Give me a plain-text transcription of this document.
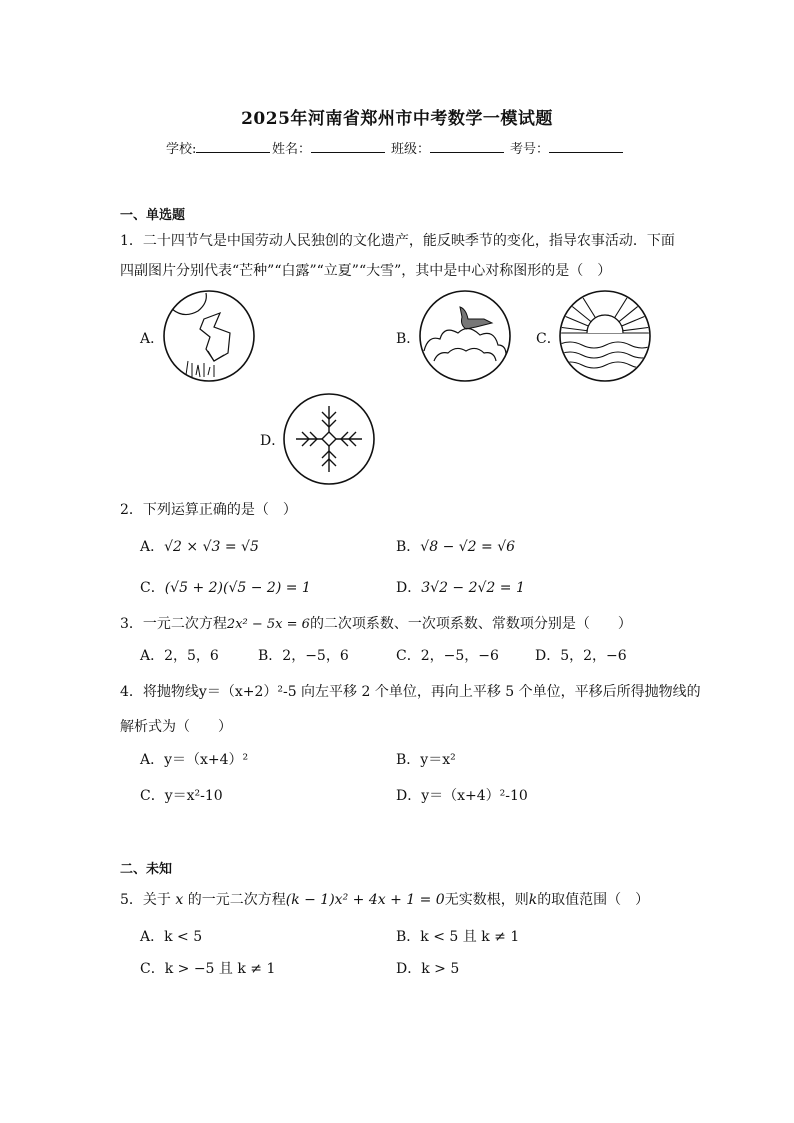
2025年河南省郑州市中考数学一模试题
学校:	姓名：	班级：	考号：
一、单选题
1．二十四节气是中国劳动人民独创的文化遗产，能反映季节的变化，指导农事活动．下面
四副图片分别代表“芒种”“白露”“立夏”“大雪”，其中是中心对称图形的是（　）
A．	B．	C．
D．
2．下列运算正确的是（　）
A．√2 × √3 = √5	B．√8 − √2 = √6
C．(√5 + 2)(√5 − 2) = 1	D．3√2 − 2√2 = 1
3．一元二次方程2x² − 5x = 6的二次项系数、一次项系数、常数项分别是（　　）
A．2，5，6	B．2，−5，6	C．2，−5，−6	D．5，2，−6
4．将抛物线y＝（x+2）²-5 向左平移 2 个单位，再向上平移 5 个单位，平移后所得抛物线的
解析式为（　　）
A．y＝（x+4）²	B．y＝x²
C．y＝x²-10	D．y＝（x+4）²-10
二、未知
5．关于 x 的一元二次方程(k − 1)x² + 4x + 1 = 0无实数根，则k的取值范围（　）
A．k < 5	B．k < 5 且 k ≠ 1
C．k > −5 且 k ≠ 1	D．k > 5
